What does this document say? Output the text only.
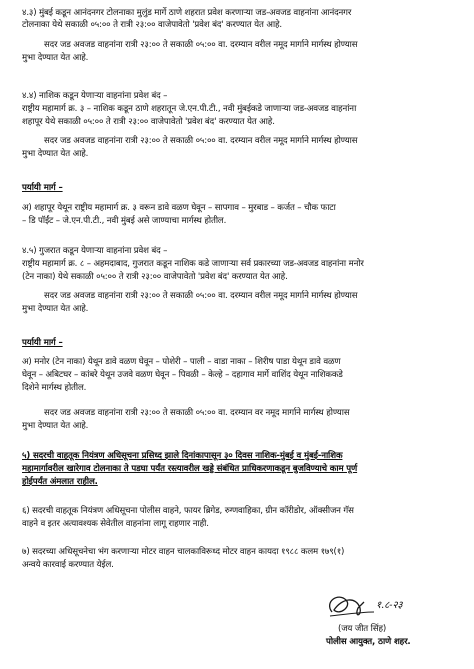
४.३) मुंबई कडून आनंदनगर टोलनाका मुलुंड मार्गे ठाणे शहरात प्रवेश करणाऱ्या जड-अवजड वाहनांना आनंदनगर
टोलनाका येथे सकाळी ०५:०० ते रात्री २३:०० वाजेपावेतो 'प्रवेश बंद' करण्यात येत आहे.
सदर जड अवजड वाहनांना रात्री २३:०० ते सकाळी ०५:०० वा. दरम्यान वरील नमूद मार्गाने मार्गस्थ होण्यास
मुभा देण्यात येत आहे.
४.४) नाशिक कडून येणाऱ्या वाहनांना प्रवेश बंद –
राष्ट्रीय महामार्ग क्र. ३ – नाशिक कडून ठाणे शहरातून जे.एन.पी.टी., नवी मुंबईकडे जाणाऱ्या जड-अवजड वाहनांना
शहापूर येथे सकाळी ०५:०० ते रात्री २३:०० वाजेपावेतो 'प्रवेश बंद' करण्यात येत आहे.
सदर जड अवजड वाहनांना रात्री २३:०० ते सकाळी ०५:०० वा. दरम्यान वरील नमूद मार्गाने मार्गस्थ होण्यास
मुभा देण्यात येत आहे.
पर्यायी मार्ग –
अ) शहापूर येथून राष्ट्रीय महामार्ग क्र. ३ वरून डावे वळण घेवून – सापगाव – मुरबाड – कर्जत – चौक फाटा
– डि पॉईंट – जे.एन.पी.टी., नवी मुंबई असे जाण्याचा मार्गस्थ होतील.
४.५) गुजरात कडून येणाऱ्या वाहनांना प्रवेश बंद –
राष्ट्रीय महामार्ग क्र. ८ – अहमदाबाद, गुजरात कडून नाशिक कडे जाणाऱ्या सर्व प्रकारच्या जड-अवजड वाहनांना मनोर
(टेन नाका) येथे सकाळी ०५:०० ते रात्री २३:०० वाजेपावेतो 'प्रवेश बंद' करण्यात येत आहे.
सदर जड अवजड वाहनांना रात्री २३:०० ते सकाळी ०५:०० वा. दरम्यान वरील नमूद मार्गाने मार्गस्थ होण्यास
मुभा देण्यात येत आहे.
पर्यायी मार्ग –
अ) मनोर (टेन नाका) येथून डावे वळण घेवून – पोशेरी – पाली – वाडा नाका – शिरीष पाडा येथून डावे वळण
घेवून – अबिटघर – कांबरे येथून उजवे वळण घेवून – पिवळी – केल्हे – दहागाव मार्गे वाशिंद येथून नाशिककडे
दिशेने मार्गस्थ होतील.
सदर जड अवजड वाहनांना रात्री २३:०० ते सकाळी ०५:०० वा. दरम्यान वर नमूद मार्गाने मार्गस्थ होण्यास
मुभा देण्यात येत आहे.
५) सदरची वाहतूक नियंत्रण अधिसूचना प्रसिध्द झाले दिनांकापासून ३० दिवस नाशिक-मुंबई व मुंबई-नाशिक
महामार्गावरील खारेगाव टोलनाका ते पडघा पर्यंत रस्त्यावरील खड्डे संबंधित प्राधिकरणाकडून बुजविण्याचे काम पूर्ण
होईपर्यंत अंमलात राहील.
६) सदरची वाहतूक नियंत्रण अधिसूचना पोलीस वाहने, फायर ब्रिगेड, रुग्णवाहिका, ग्रीन कॉरीडोर, ऑक्सीजन गॅस
वाहने व इतर अत्यावश्यक सेवेतील वाहनांना लागू राहणार नाही.
७) सदरच्या अधिसूचनेचा भंग करणाऱ्या मोटर वाहन चालकाविरूध्द मोटर वाहन कायदा १९८८ कलम १७९(१)
अन्वये कारवाई करण्यात येईल.
१.८-२३
(जय जीत सिंह)
पोलीस आयुक्त, ठाणे शहर.
